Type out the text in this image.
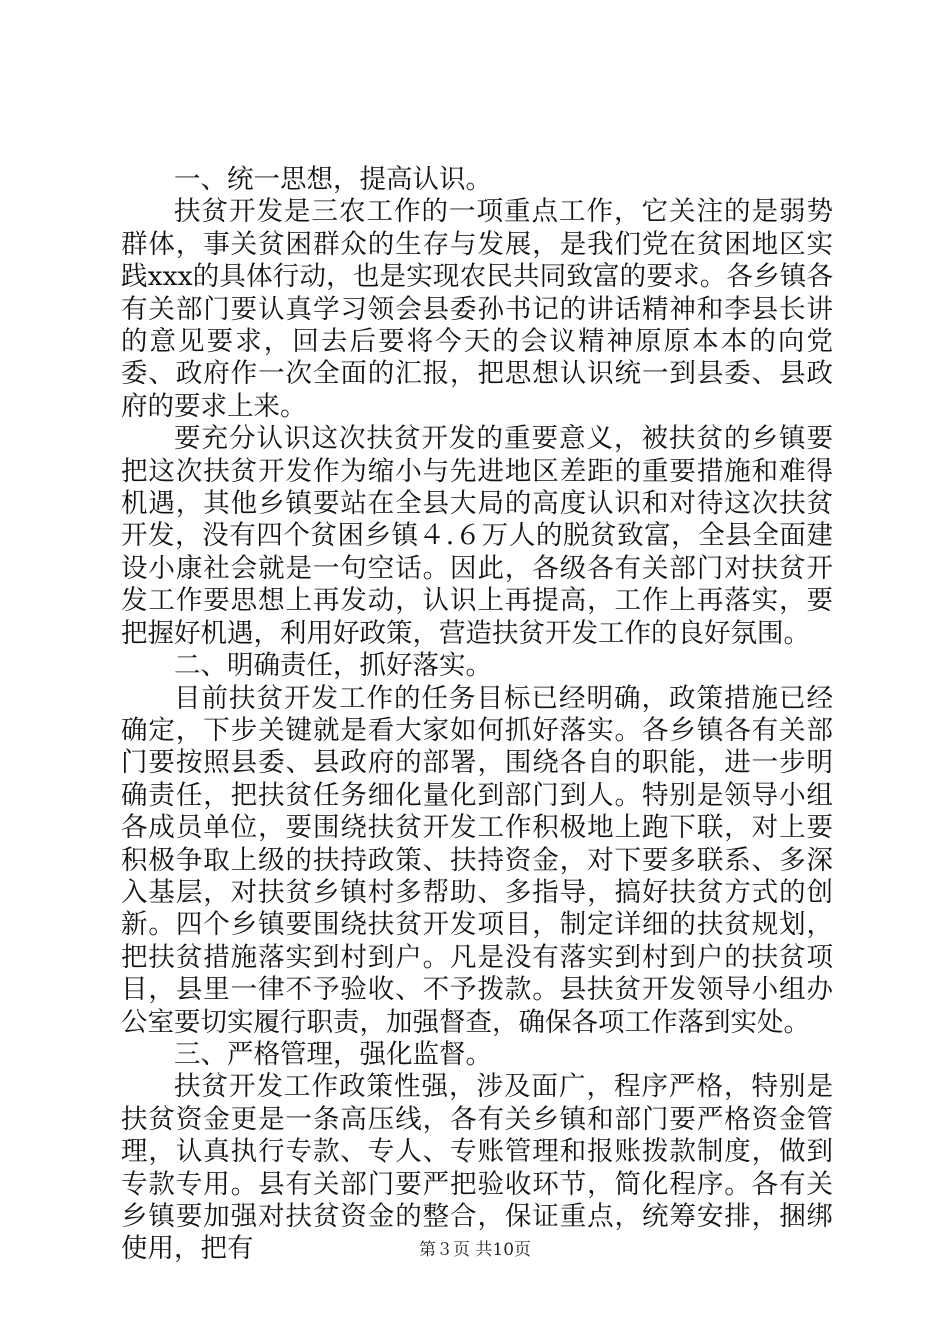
一、统一思想，提高认识。

扶贫开发是三农工作的一项重点工作，它关注的是弱势群体，事关贫困群众的生存与发展，是我们党在贫困地区实践xxx的具体行动，也是实现农民共同致富的要求。各乡镇各有关部门要认真学习领会县委孙书记的讲话精神和李县长讲的意见要求，回去后要将今天的会议精神原原本本的向党委、政府作一次全面的汇报，把思想认识统一到县委、县政府的要求上来。

要充分认识这次扶贫开发的重要意义，被扶贫的乡镇要把这次扶贫开发作为缩小与先进地区差距的重要措施和难得机遇，其他乡镇要站在全县大局的高度认识和对待这次扶贫开发，没有四个贫困乡镇４.６万人的脱贫致富，全县全面建设小康社会就是一句空话。因此，各级各有关部门对扶贫开发工作要思想上再发动，认识上再提高，工作上再落实，要把握好机遇，利用好政策，营造扶贫开发工作的良好氛围。

二、明确责任，抓好落实。

目前扶贫开发工作的任务目标已经明确，政策措施已经确定，下步关键就是看大家如何抓好落实。各乡镇各有关部门要按照县委、县政府的部署，围绕各自的职能，进一步明确责任，把扶贫任务细化量化到部门到人。特别是领导小组各成员单位，要围绕扶贫开发工作积极地上跑下联，对上要积极争取上级的扶持政策、扶持资金，对下要多联系、多深入基层，对扶贫乡镇村多帮助、多指导，搞好扶贫方式的创新。四个乡镇要围绕扶贫开发项目，制定详细的扶贫规划，把扶贫措施落实到村到户。凡是没有落实到村到户的扶贫项目，县里一律不予验收、不予拨款。县扶贫开发领导小组办公室要切实履行职责，加强督查，确保各项工作落到实处。

三、严格管理，强化监督。

扶贫开发工作政策性强，涉及面广，程序严格，特别是扶贫资金更是一条高压线，各有关乡镇和部门要严格资金管理，认真执行专款、专人、专账管理和报账拨款制度，做到专款专用。县有关部门要严把验收环节，简化程序。各有关乡镇要加强对扶贫资金的整合，保证重点，统筹安排，捆绑使用，把有	第３页 共10页
